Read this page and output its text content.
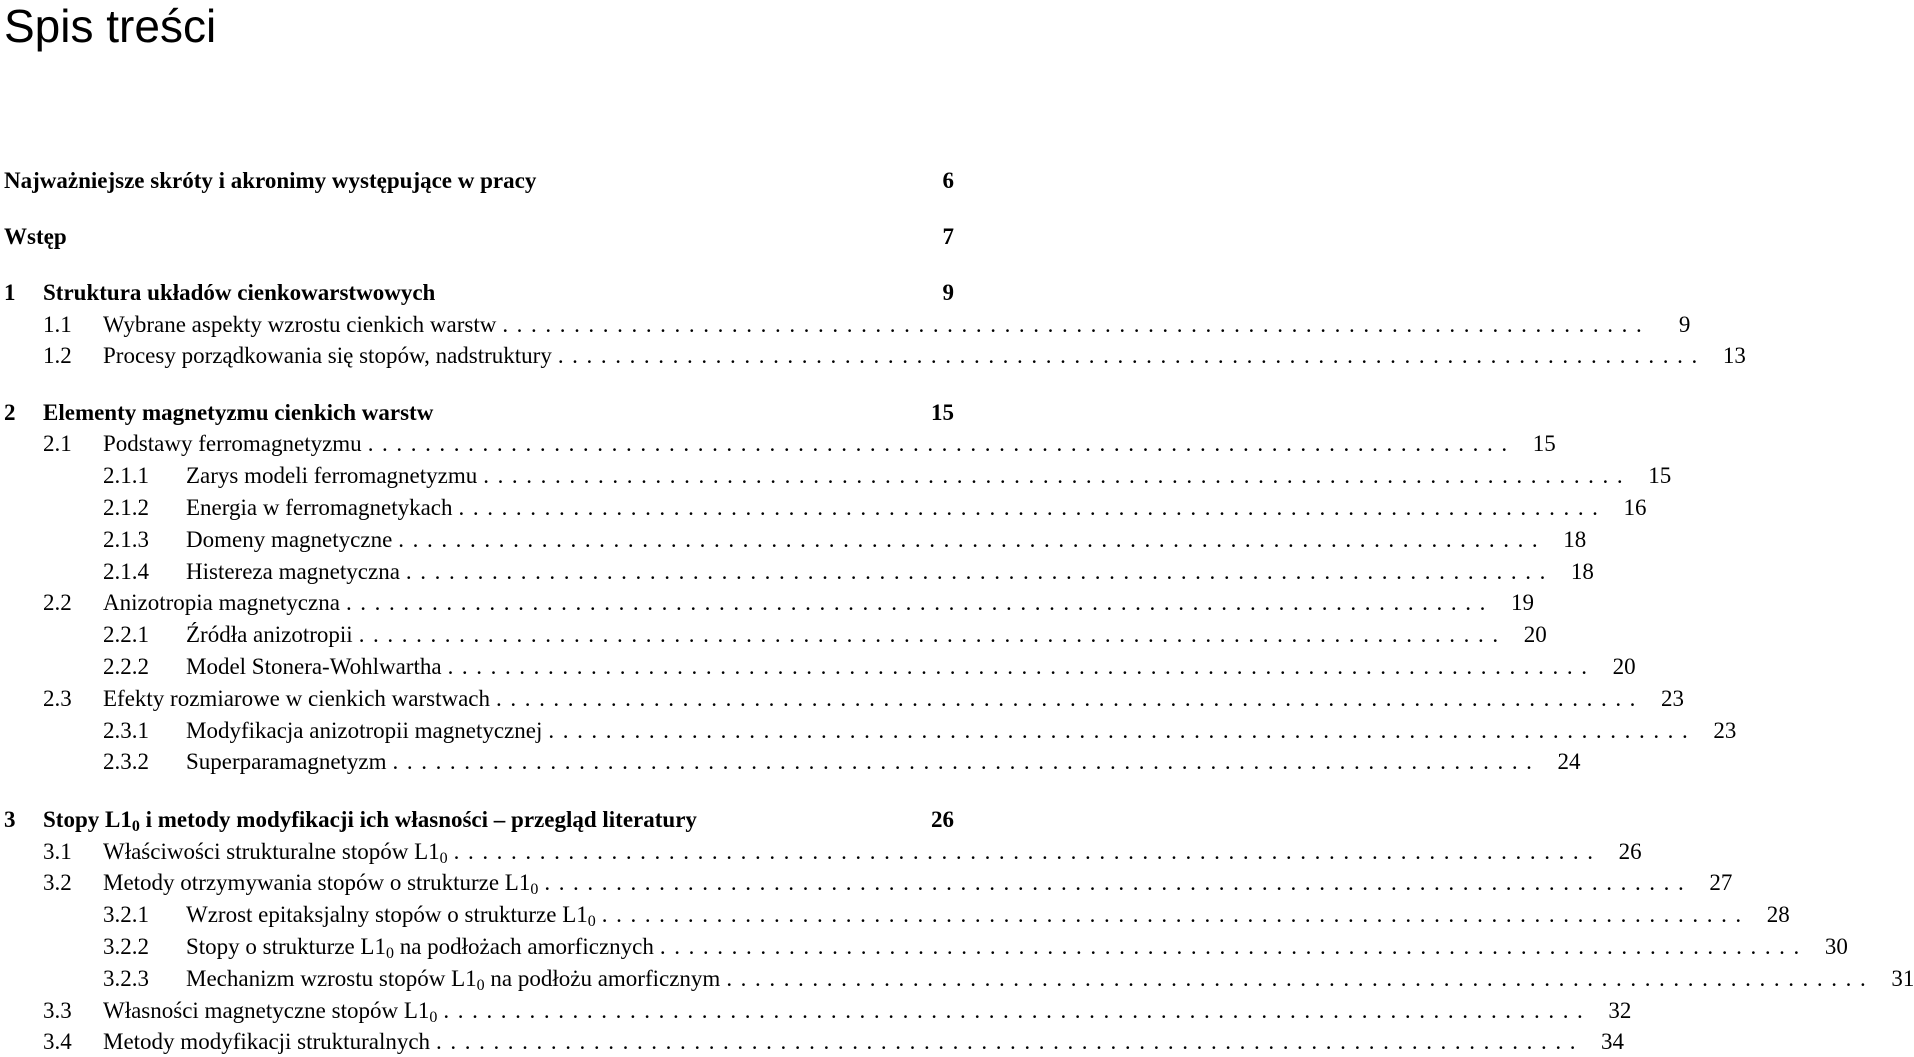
Spis treści
Najważniejsze skróty i akronimy występujące w pracy	6
Wstęp	7
1	Struktura układów cienkowarstwowych	9
1.1	Wybrane aspekty wzrostu cienkich warstw ................................................................................	9
1.2	Procesy porządkowania się stopów, nadstruktury ................................................................................ 13
2	Elementy magnetyzmu cienkich warstw	15
2.1	Podstawy ferromagnetyzmu ................................................................................ 15
2.1.1	Zarys modeli ferromagnetyzmu ................................................................................ 15
2.1.2	Energia w ferromagnetykach ................................................................................ 16
2.1.3	Domeny magnetyczne ................................................................................ 18
2.1.4	Histereza magnetyczna ................................................................................ 18
2.2	Anizotropia magnetyczna ................................................................................ 19
2.2.1	Źródła anizotropii ................................................................................ 20
2.2.2	Model Stonera-Wohlwartha ................................................................................ 20
2.3	Efekty rozmiarowe w cienkich warstwach ................................................................................ 23
2.3.1	Modyfikacja anizotropii magnetycznej ................................................................................ 23
2.3.2	Superparamagnetyzm ................................................................................ 24
3	Stopy $L1_0$ i metody modyfikacji ich własności – przegląd literatury	26
3.1	Właściwości strukturalne stopów $L1_0$ ................................................................................ 26
3.2	Metody otrzymywania stopów o strukturze $L1_0$ ................................................................................ 27
3.2.1	Wzrost epitaksjalny stopów o strukturze $L1_0$ ................................................................................ 28
3.2.2	Stopy o strukturze $L1_0$ na podłożach amorficznych ................................................................................ 30
3.2.3	Mechanizm wzrostu stopów $L1_0$ na podłożu amorficznym ................................................................................ 31
3.3	Własności magnetyczne stopów $L1_0$ ................................................................................ 32
3.4	Metody modyfikacji strukturalnych ................................................................................ 34
